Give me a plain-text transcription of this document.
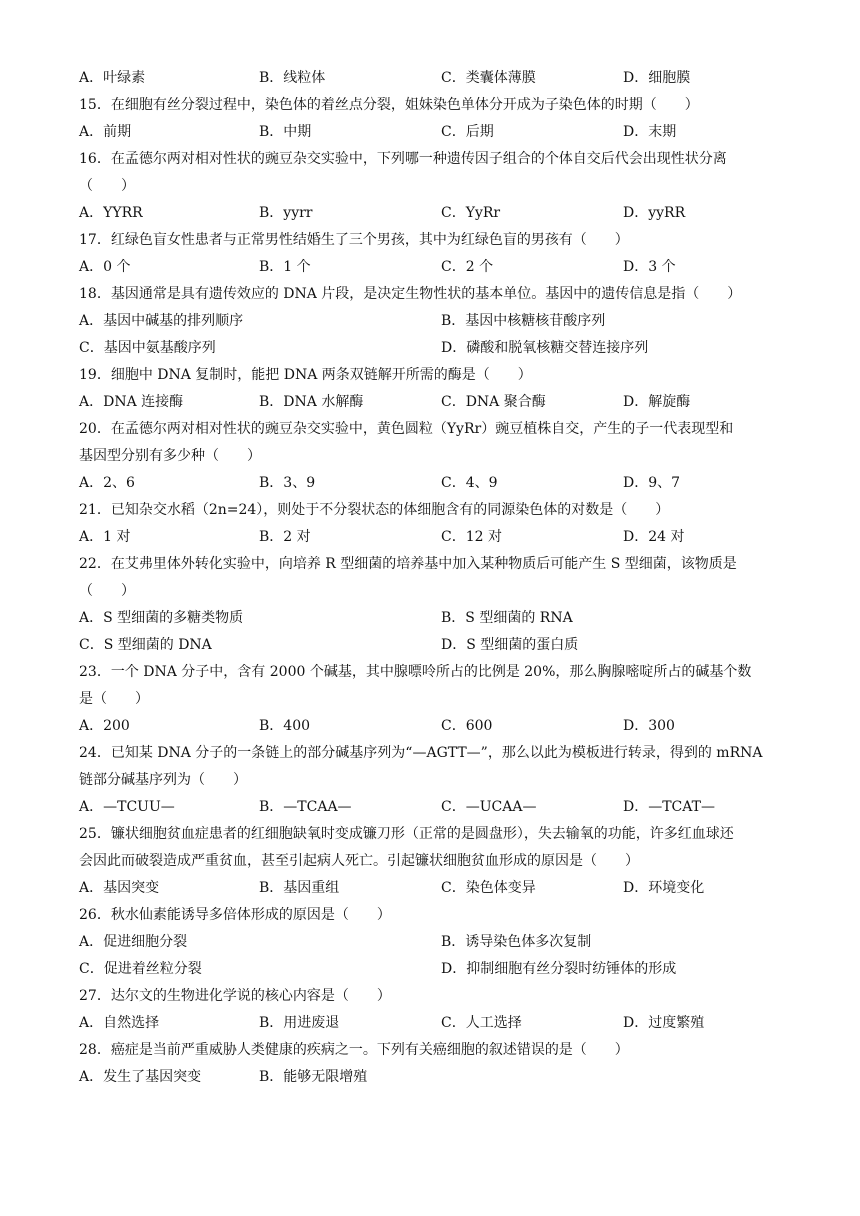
A．叶绿素	B．线粒体	C．类囊体薄膜	D．细胞膜
15．在细胞有丝分裂过程中，染色体的着丝点分裂，姐妹染色单体分开成为子染色体的时期（　　）
A．前期	B．中期	C．后期	D．末期
16．在孟德尔两对相对性状的豌豆杂交实验中，下列哪一种遗传因子组合的个体自交后代会出现性状分离
（　　）
A．YYRR	B．yyrr	C．YyRr	D．yyRR
17．红绿色盲女性患者与正常男性结婚生了三个男孩，其中为红绿色盲的男孩有（　　）
A．0 个	B．1 个	C．2 个	D．3 个
18．基因通常是具有遗传效应的 DNA 片段，是决定生物性状的基本单位。基因中的遗传信息是指（　　）
A．基因中碱基的排列顺序	B．基因中核糖核苷酸序列
C．基因中氨基酸序列	D．磷酸和脱氧核糖交替连接序列
19．细胞中 DNA 复制时，能把 DNA 两条双链解开所需的酶是（　　）
A．DNA 连接酶	B．DNA 水解酶	C．DNA 聚合酶	D．解旋酶
20．在孟德尔两对相对性状的豌豆杂交实验中，黄色圆粒（YyRr）豌豆植株自交，产生的子一代表现型和
基因型分别有多少种（　　）
A．2、6	B．3、9	C．4、9	D．9、7
21．已知杂交水稻（2n=24），则处于不分裂状态的体细胞含有的同源染色体的对数是（　　）
A．1 对	B．2 对	C．12 对	D．24 对
22．在艾弗里体外转化实验中，向培养 R 型细菌的培养基中加入某种物质后可能产生 S 型细菌，该物质是
（　　）
A．S 型细菌的多糖类物质	B．S 型细菌的 RNA
C．S 型细菌的 DNA	D．S 型细菌的蛋白质
23．一个 DNA 分子中，含有 2000 个碱基，其中腺嘌呤所占的比例是 20%，那么胸腺嘧啶所占的碱基个数
是（　　）
A．200	B．400	C．600	D．300
24．已知某 DNA 分子的一条链上的部分碱基序列为“—AGTT—”，那么以此为模板进行转录，得到的 mRNA
链部分碱基序列为（　　）
A．—TCUU—	B．—TCAA—	C．—UCAA—	D．—TCAT—
25．镰状细胞贫血症患者的红细胞缺氧时变成镰刀形（正常的是圆盘形），失去输氧的功能，许多红血球还
会因此而破裂造成严重贫血，甚至引起病人死亡。引起镰状细胞贫血形成的原因是（　　）
A．基因突变	B．基因重组	C．染色体变异	D．环境变化
26．秋水仙素能诱导多倍体形成的原因是（　　）
A．促进细胞分裂	B．诱导染色体多次复制
C．促进着丝粒分裂	D．抑制细胞有丝分裂时纺锤体的形成
27．达尔文的生物进化学说的核心内容是（　　）
A．自然选择	B．用进废退	C．人工选择	D．过度繁殖
28．癌症是当前严重威胁人类健康的疾病之一。下列有关癌细胞的叙述错误的是（　　）
A．发生了基因突变	B．能够无限增殖
